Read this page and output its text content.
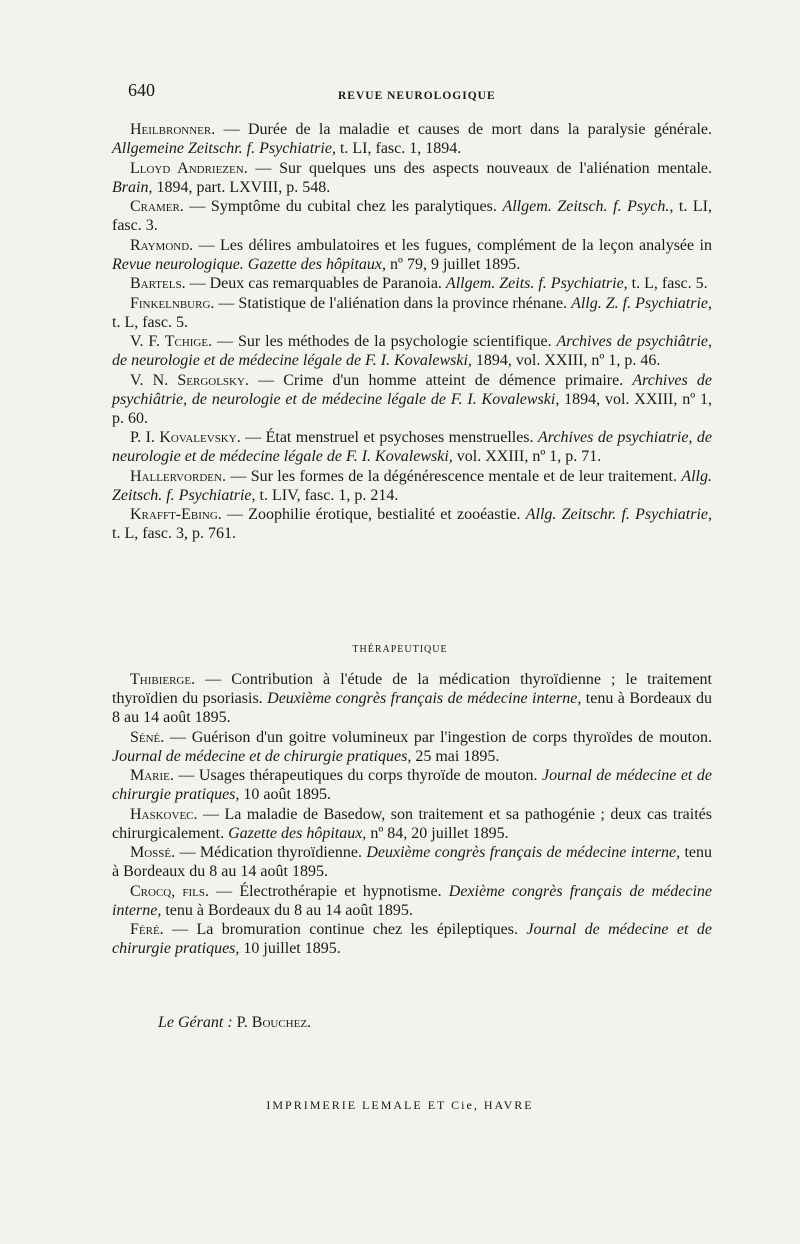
640	REVUE NEUROLOGIQUE

Heilbronner. — Durée de la maladie et causes de mort dans la paralysie générale. Allgemeine Zeitschr. f. Psychiatrie, t. LI, fasc. 1, 1894.

Lloyd Andriezen. — Sur quelques uns des aspects nouveaux de l'aliénation mentale. Brain, 1894, part. LXVIII, p. 548.

Cramer. — Symptôme du cubital chez les paralytiques. Allgem. Zeitsch. f. Psych., t. LI, fasc. 3.

Raymond. — Les délires ambulatoires et les fugues, complément de la leçon analysée in Revue neurologique. Gazette des hôpitaux, nº 79, 9 juillet 1895.

Bartels. — Deux cas remarquables de Paranoia. Allgem. Zeits. f. Psychiatrie, t. L, fasc. 5.

Finkelnburg. — Statistique de l'aliénation dans la province rhénane. Allg. Z. f. Psychiatrie, t. L, fasc. 5.

V. F. Tchige. — Sur les méthodes de la psychologie scientifique. Archives de psychiâtrie, de neurologie et de médecine légale de F. I. Kovalewski, 1894, vol. XXIII, nº 1, p. 46.

V. N. Sergolsky. — Crime d'un homme atteint de démence primaire. Archives de psychiâtrie, de neurologie et de médecine légale de F. I. Kovalewski, 1894, vol. XXIII, nº 1, p. 60.

P. I. Kovalevsky. — État menstruel et psychoses menstruelles. Archives de psychiatrie, de neurologie et de médecine légale de F. I. Kovalewski, vol. XXIII, nº 1, p. 71.

Hallervorden. — Sur les formes de la dégénérescence mentale et de leur traitement. Allg. Zeitsch. f. Psychiatrie, t. LIV, fasc. 1, p. 214.

Krafft-Ebing. — Zoophilie érotique, bestialité et zooéastie. Allg. Zeitschr. f. Psychiatrie, t. L, fasc. 3, p. 761.

THÉRAPEUTIQUE

Thibierge. — Contribution à l'étude de la médication thyroïdienne ; le traitement thyroïdien du psoriasis. Deuxième congrès français de médecine interne, tenu à Bordeaux du 8 au 14 août 1895.

Séné. — Guérison d'un goitre volumineux par l'ingestion de corps thyroïdes de mouton. Journal de médecine et de chirurgie pratiques, 25 mai 1895.

Marie. — Usages thérapeutiques du corps thyroïde de mouton. Journal de médecine et de chirurgie pratiques, 10 août 1895.

Haskovec. — La maladie de Basedow, son traitement et sa pathogénie ; deux cas traités chirurgicalement. Gazette des hôpitaux, nº 84, 20 juillet 1895.

Mossé. — Médication thyroïdienne. Deuxième congrès français de médecine interne, tenu à Bordeaux du 8 au 14 août 1895.

Crocq, fils. — Électrothérapie et hypnotisme. Dexième congrès français de médecine interne, tenu à Bordeaux du 8 au 14 août 1895.

Féré. — La bromuration continue chez les épileptiques. Journal de médecine et de chirurgie pratiques, 10 juillet 1895.

Le Gérant : P. Bouchez.
IMPRIMERIE LEMALE ET Cie, HAVRE
